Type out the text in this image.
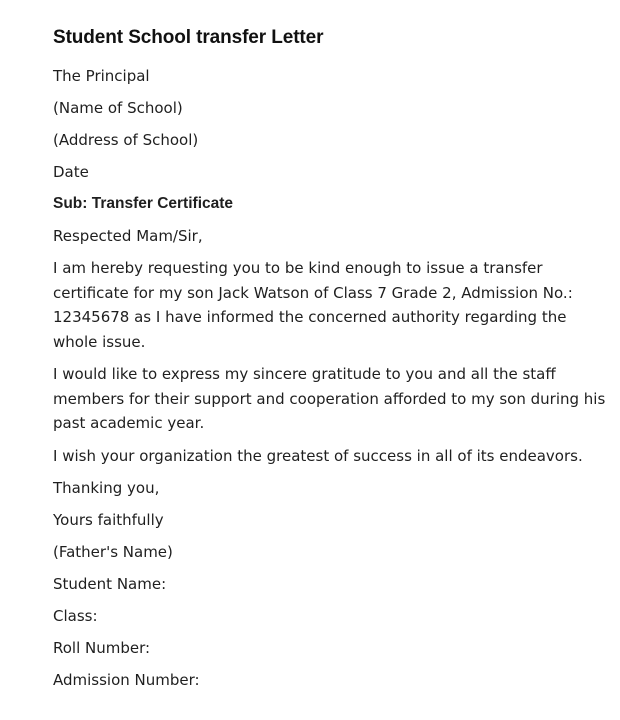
Student School transfer Letter
The Principal
(Name of School)
(Address of School)
Date
Sub: Transfer Certificate
Respected Mam/Sir,
I am hereby requesting you to be kind enough to issue a transfer
certificate for my son Jack Watson of Class 7 Grade 2, Admission No.:
12345678 as I have informed the concerned authority regarding the
whole issue.
I would like to express my sincere gratitude to you and all the staff
members for their support and cooperation afforded to my son during his
past academic year.
I wish your organization the greatest of success in all of its endeavors.
Thanking you,
Yours faithfully
(Father's Name)
Student Name:
Class:
Roll Number:
Admission Number:
